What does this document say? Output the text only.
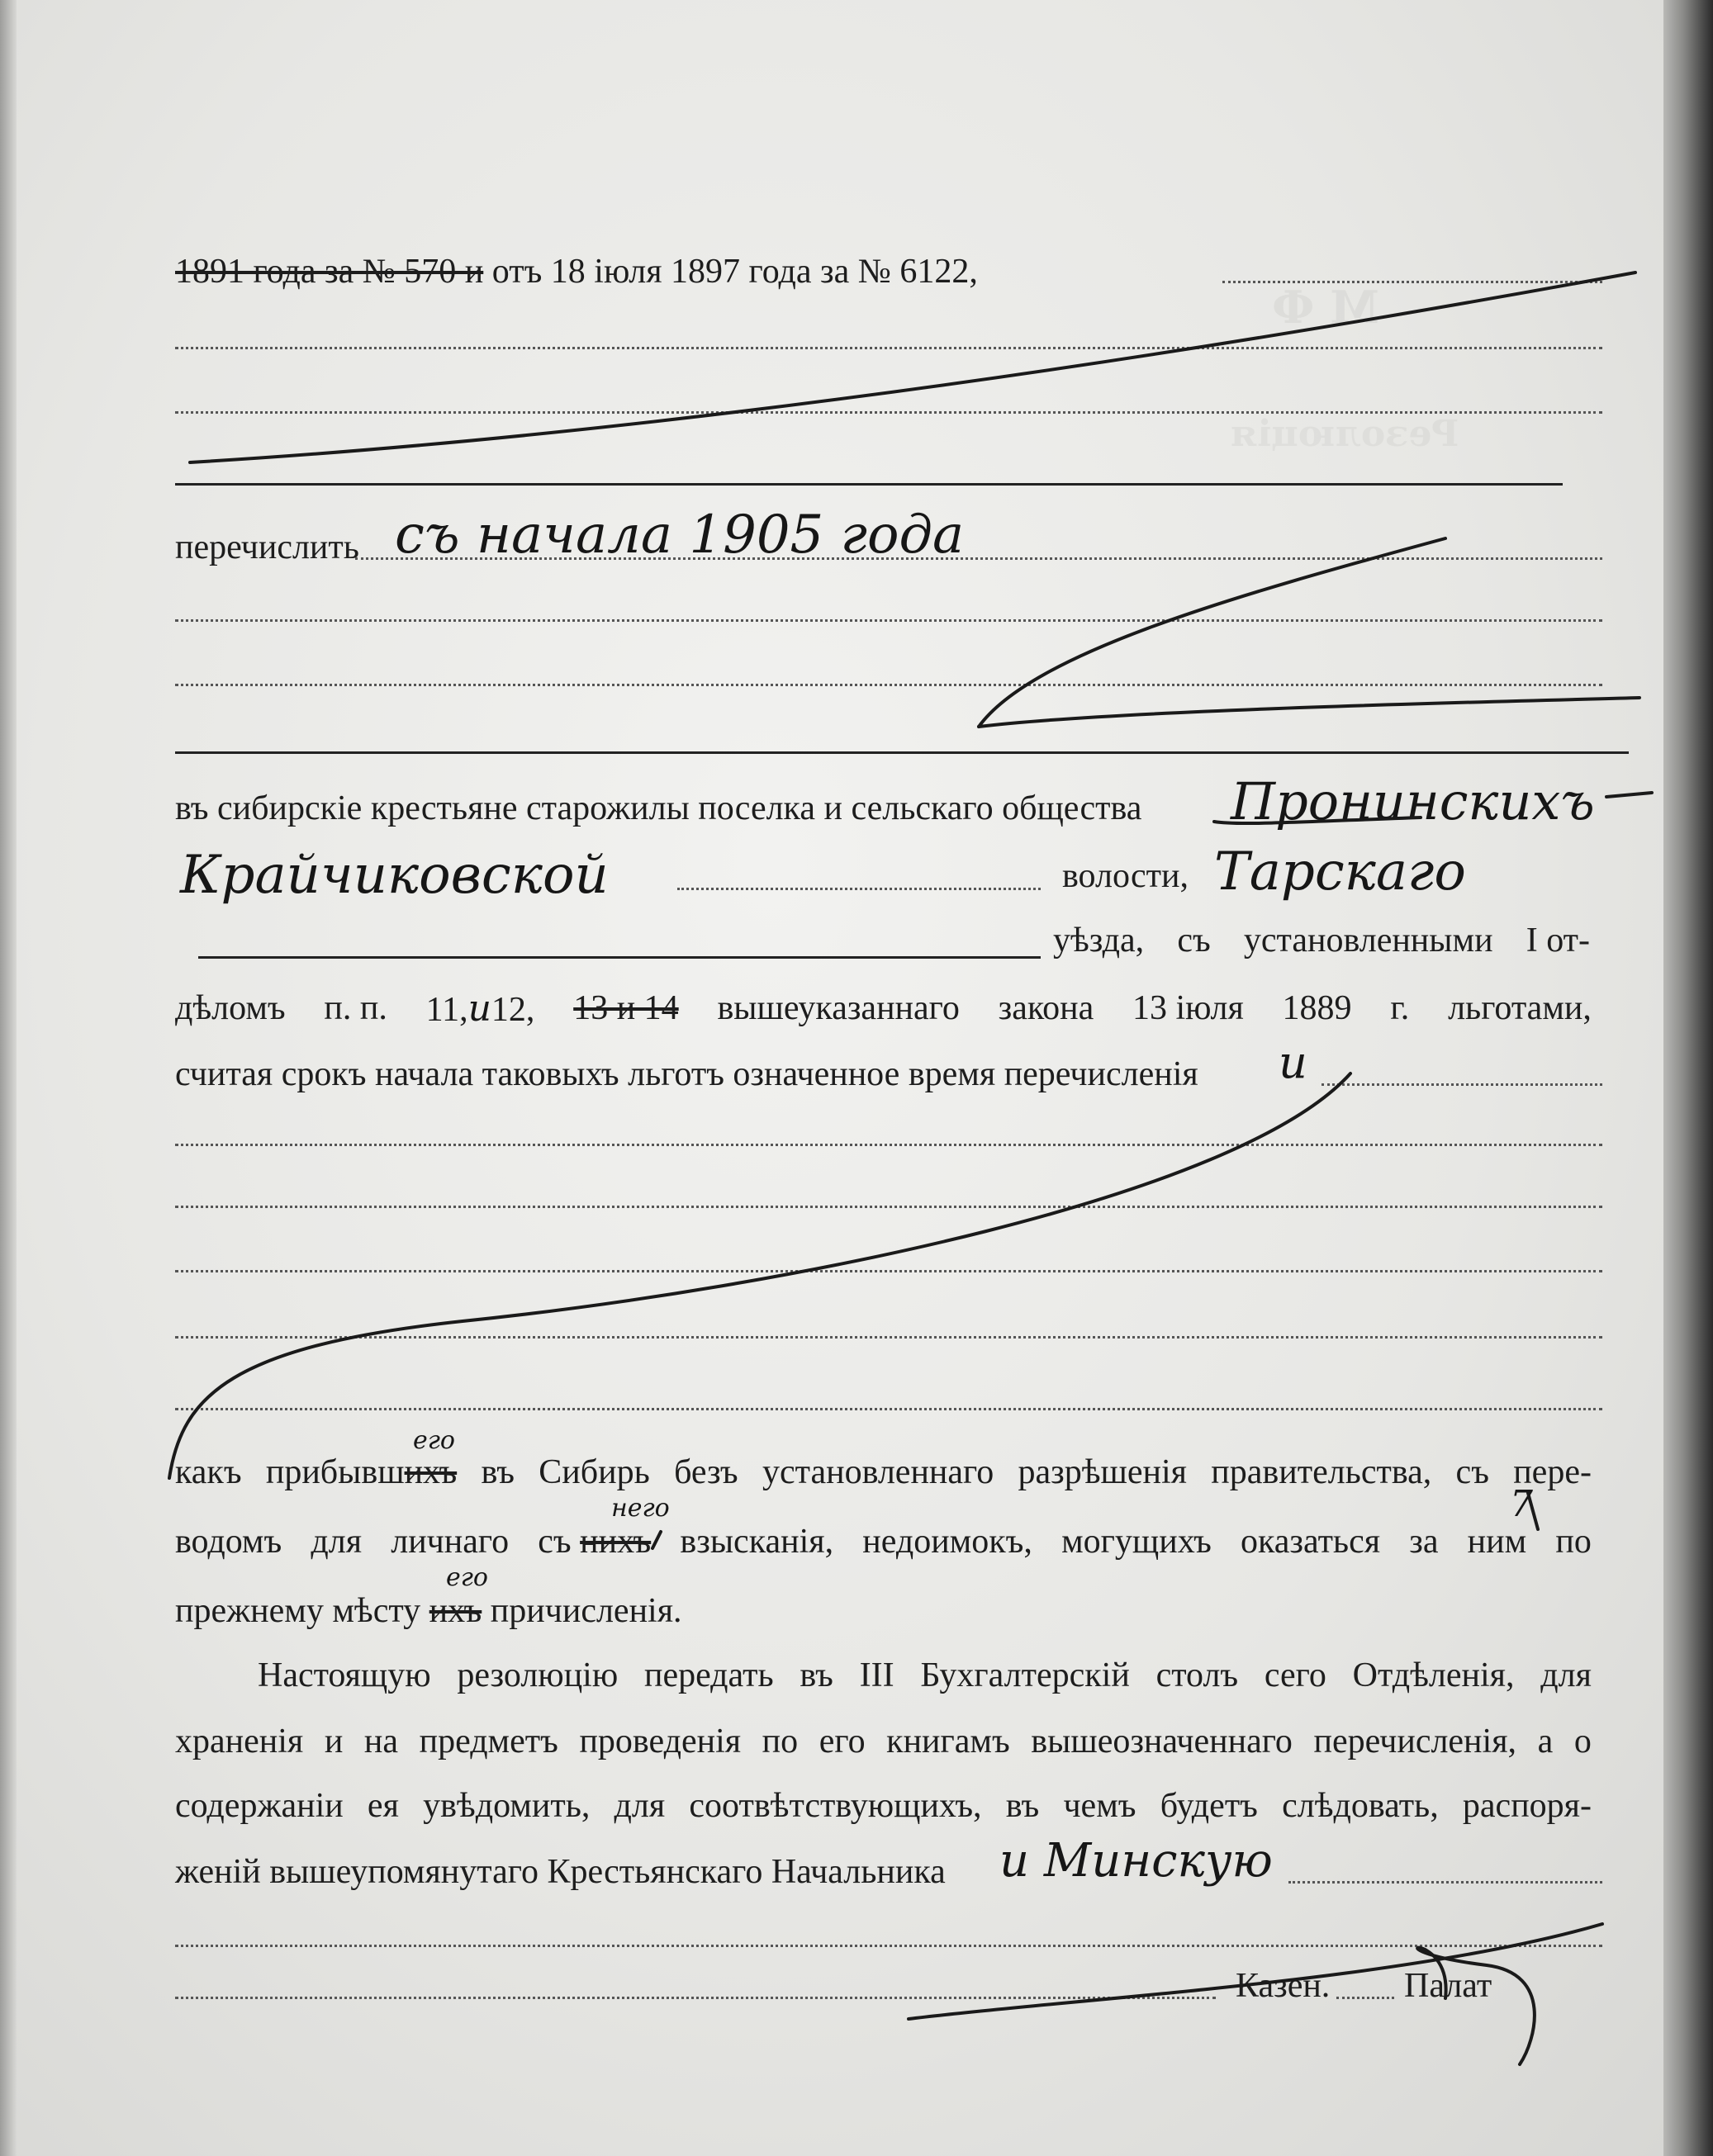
М Ф
Резолюція
1891 года за № 570 и отъ 18 іюля 1897 года за № 6122,
перечислить съ начала 1905 года
въ сибирскіе крестьяне старожилы поселка и сельскаго общества Пронинскихъ
Крайчиковской	волости, Тарскаго
уѣзда, съ установленными I от-
дѣломъ п. п. 11,и12, 13 и 14 вышеуказаннаго закона 13 іюля 1889 г. льготами,
считая срокъ начала таковыхъ льготъ означенное время перечисленія и
его
какъ прибывшихъ въ Сибирь безъ установленнаго разрѣшенія правительства, съ пере-
него	7
водомъ для личнаго съ нихъ взысканія, недоимокъ, могущихъ оказаться за ним по
его
прежнему мѣсту ихъ причисленія.
Настоящую резолюцію передать въ III Бухгалтерскій столъ сего Отдѣленія, для
храненія и на предметъ проведенія по его книгамъ вышеозначеннаго перечисленія, а о
содержаніи ея увѣдомить, для соотвѣтствующихъ, въ чемъ будетъ слѣдовать, распоря-
женій вышеупомянутаго Крестьянскаго Начальника и Минскую
Казен. Палат
